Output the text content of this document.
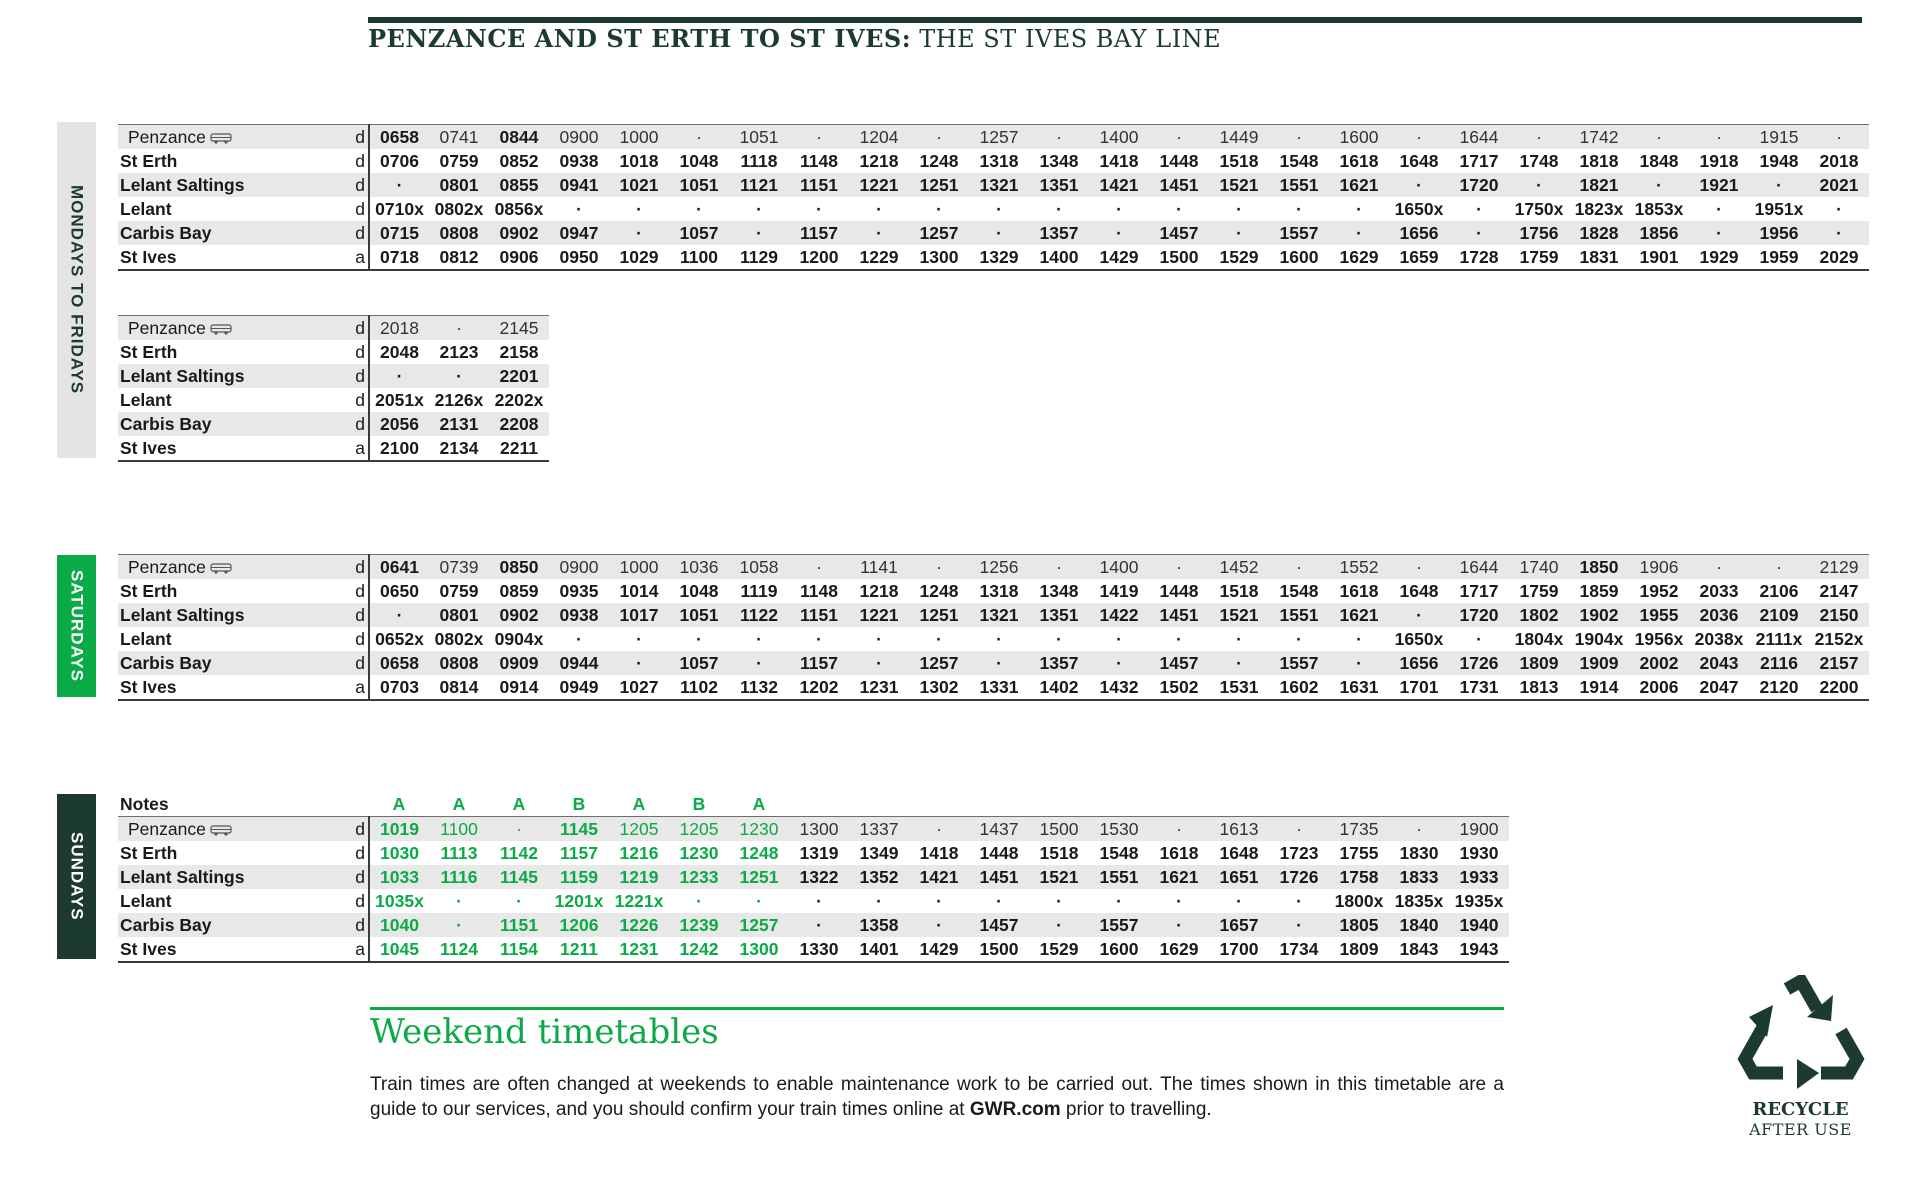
PENZANCE AND ST ERTH TO ST IVES: THE ST IVES BAY LINE
MONDAYS TO FRIDAYS
SATURDAYS
SUNDAYS
Penzance	d	0658	0741	0844	0900	1000	·	1051	·	1204	·	1257	·	1400	·	1449	·	1600	·	1644	·	1742	·	·	1915	·
St Erth	d	0706	0759	0852	0938	1018	1048	1118	1148	1218	1248	1318	1348	1418	1448	1518	1548	1618	1648	1717	1748	1818	1848	1918	1948	2018
Lelant Saltings	d	·	0801	0855	0941	1021	1051	1121	1151	1221	1251	1321	1351	1421	1451	1521	1551	1621	·	1720	·	1821	·	1921	·	2021
Lelant	d	0710x	0802x	0856x	·	·	·	·	·	·	·	·	·	·	·	·	·	·	1650x	·	1750x	1823x	1853x	·	1951x	·
Carbis Bay	d	0715	0808	0902	0947	·	1057	·	1157	·	1257	·	1357	·	1457	·	1557	·	1656	·	1756	1828	1856	·	1956	·
St Ives	a	0718	0812	0906	0950	1029	1100	1129	1200	1229	1300	1329	1400	1429	1500	1529	1600	1629	1659	1728	1759	1831	1901	1929	1959	2029
Penzance	d	2018	·	2145
St Erth	d	2048	2123	2158
Lelant Saltings	d	·	·	2201
Lelant	d	2051x	2126x	2202x
Carbis Bay	d	2056	2131	2208
St Ives	a	2100	2134	2211
Penzance	d	0641	0739	0850	0900	1000	1036	1058	·	1141	·	1256	·	1400	·	1452	·	1552	·	1644	1740	1850	1906	·	·	2129
St Erth	d	0650	0759	0859	0935	1014	1048	1119	1148	1218	1248	1318	1348	1419	1448	1518	1548	1618	1648	1717	1759	1859	1952	2033	2106	2147
Lelant Saltings	d	·	0801	0902	0938	1017	1051	1122	1151	1221	1251	1321	1351	1422	1451	1521	1551	1621	·	1720	1802	1902	1955	2036	2109	2150
Lelant	d	0652x	0802x	0904x	·	·	·	·	·	·	·	·	·	·	·	·	·	·	1650x	·	1804x	1904x	1956x	2038x	2111x	2152x
Carbis Bay	d	0658	0808	0909	0944	·	1057	·	1157	·	1257	·	1357	·	1457	·	1557	·	1656	1726	1809	1909	2002	2043	2116	2157
St Ives	a	0703	0814	0914	0949	1027	1102	1132	1202	1231	1302	1331	1402	1432	1502	1531	1602	1631	1701	1731	1813	1914	2006	2047	2120	2200
Notes		A	A	A	B	A	B	A												
Penzance	d	1019	1100	·	1145	1205	1205	1230	1300	1337	·	1437	1500	1530	·	1613	·	1735	·	1900
St Erth	d	1030	1113	1142	1157	1216	1230	1248	1319	1349	1418	1448	1518	1548	1618	1648	1723	1755	1830	1930
Lelant Saltings	d	1033	1116	1145	1159	1219	1233	1251	1322	1352	1421	1451	1521	1551	1621	1651	1726	1758	1833	1933
Lelant	d	1035x	·	·	1201x	1221x	·	·	·	·	·	·	·	·	·	·	·	1800x	1835x	1935x
Carbis Bay	d	1040	·	1151	1206	1226	1239	1257	·	1358	·	1457	·	1557	·	1657	·	1805	1840	1940
St Ives	a	1045	1124	1154	1211	1231	1242	1300	1330	1401	1429	1500	1529	1600	1629	1700	1734	1809	1843	1943
Weekend timetables
Train times are often changed at weekends to enable maintenance work to be carried out. The times shown in this timetable are a guide to our services, and you should confirm your train times online at GWR.com prior to travelling.	RECYCLE
AFTER USE
